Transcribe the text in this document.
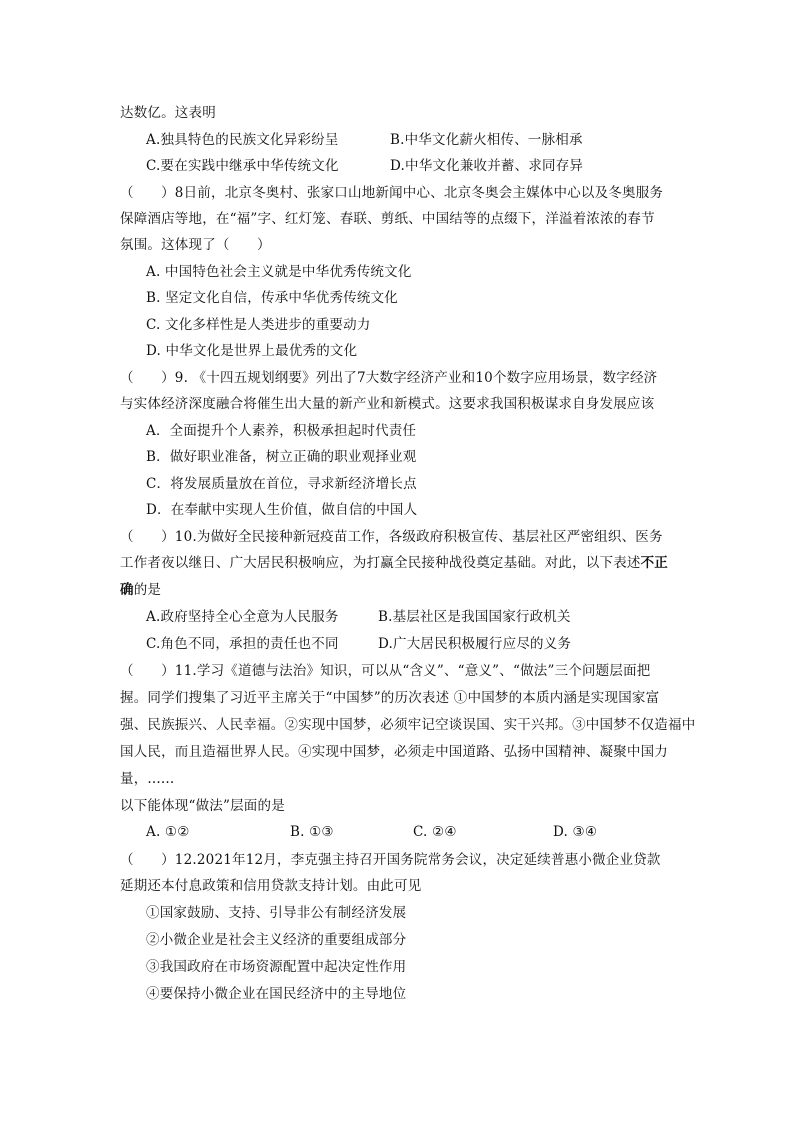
达数亿。这表明
A.独具特色的民族文化异彩纷呈	B.中华文化薪火相传、一脉相承
C.要在实践中继承中华传统文化	D.中华文化兼收并蓄、求同存异
（　　）8日前，北京冬奥村、张家口山地新闻中心、北京冬奥会主媒体中心以及冬奥服务
保障酒店等地，在“福”字、红灯笼、春联、剪纸、中国结等的点缀下，洋溢着浓浓的春节
氛围。这体现了（　　）
A. 中国特色社会主义就是中华优秀传统文化
B. 坚定文化自信，传承中华优秀传统文化
C. 文化多样性是人类进步的重要动力
D. 中华文化是世界上最优秀的文化
（　　）9. 《十四五规划纲要》列出了7大数字经济产业和10个数字应用场景，数字经济
与实体经济深度融合将催生出大量的新产业和新模式。这要求我国积极谋求自身发展应该
A．全面提升个人素养，积极承担起时代责任
B．做好职业准备，树立正确的职业观择业观
C．将发展质量放在首位，寻求新经济增长点
D．在奉献中实现人生价值，做自信的中国人
（　　）10.为做好全民接种新冠疫苗工作，各级政府积极宣传、基层社区严密组织、医务
工作者夜以继日、广大居民积极响应，为打赢全民接种战役奠定基础。对此，以下表述不正
确的是
A.政府坚持全心全意为人民服务	B.基层社区是我国国家行政机关
C.角色不同，承担的责任也不同	D.广大居民积极履行应尽的义务
（　　）11.学习《道德与法治》知识，可以从“含义”、“意义”、“做法”三个问题层面把
握。同学们搜集了习近平主席关于“中国梦”的历次表述 ①中国梦的本质内涵是实现国家富
强、民族振兴、人民幸福。②实现中国梦，必须牢记空谈误国、实干兴邦。③中国梦不仅造福中
国人民，而且造福世界人民。④实现中国梦，必须走中国道路、弘扬中国精神、凝聚中国力
量，......
以下能体现“做法”层面的是
A. ①②	B. ①③	C. ②④	D. ③④
（　　）12.2021年12月，李克强主持召开国务院常务会议，决定延续普惠小微企业贷款
延期还本付息政策和信用贷款支持计划。由此可见
①国家鼓励、支持、引导非公有制经济发展
②小微企业是社会主义经济的重要组成部分
③我国政府在市场资源配置中起决定性作用
④要保持小微企业在国民经济中的主导地位
